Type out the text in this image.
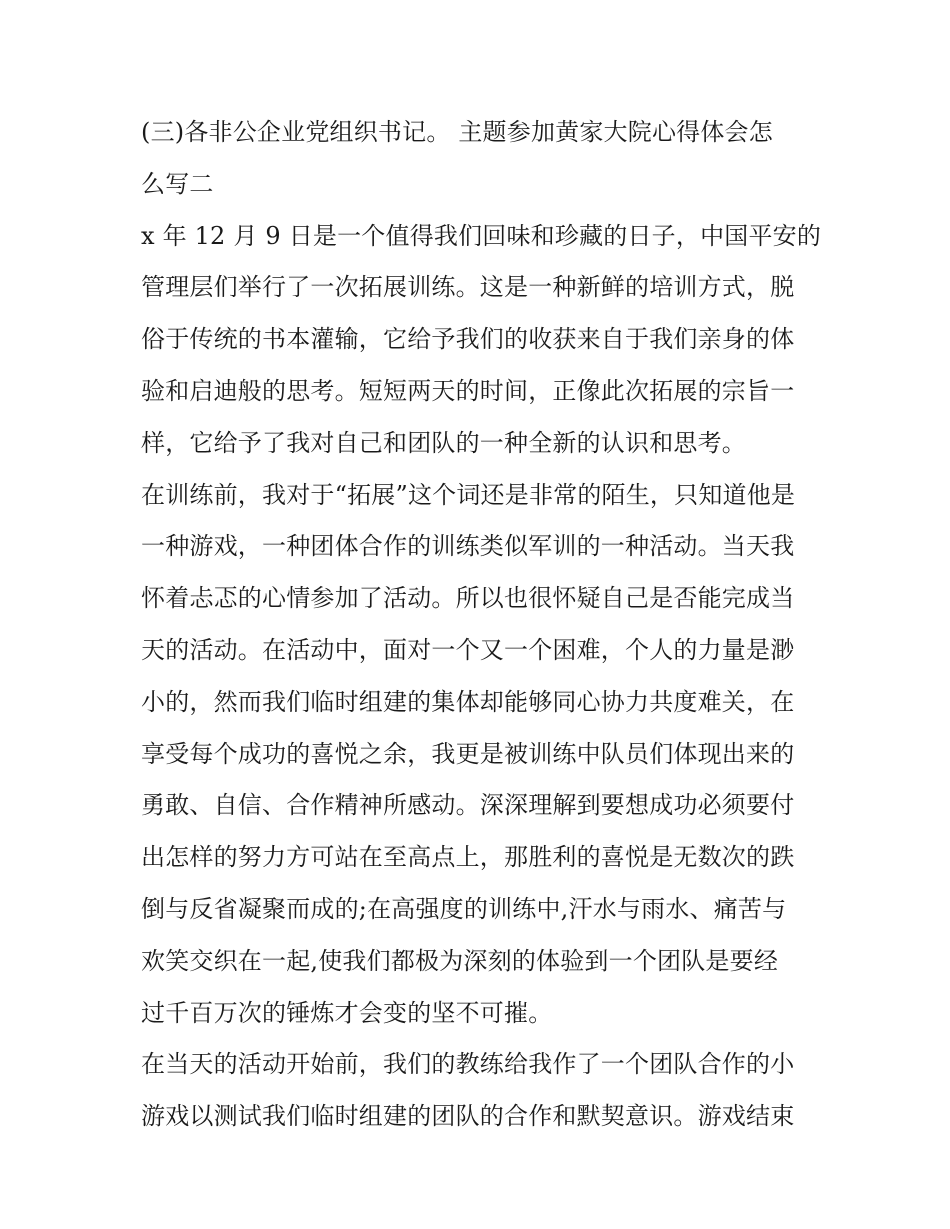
(三)各非公企业党组织书记。 主题参加黄家大院心得体会怎
么写二
x 年 12 月 9 日是一个值得我们回味和珍藏的日子，中国平安的
管理层们举行了一次拓展训练。这是一种新鲜的培训方式，脱
俗于传统的书本灌输，它给予我们的收获来自于我们亲身的体
验和启迪般的思考。短短两天的时间，正像此次拓展的宗旨一
样，它给予了我对自己和团队的一种全新的认识和思考。
在训练前，我对于“拓展”这个词还是非常的陌生，只知道他是
一种游戏，一种团体合作的训练类似军训的一种活动。当天我
怀着忐忑的心情参加了活动。所以也很怀疑自己是否能完成当
天的活动。在活动中，面对一个又一个困难，个人的力量是渺
小的，然而我们临时组建的集体却能够同心协力共度难关，在
享受每个成功的喜悦之余，我更是被训练中队员们体现出来的
勇敢、自信、合作精神所感动。深深理解到要想成功必须要付
出怎样的努力方可站在至高点上，那胜利的喜悦是无数次的跌
倒与反省凝聚而成的;在高强度的训练中,汗水与雨水、痛苦与
欢笑交织在一起,使我们都极为深刻的体验到一个团队是要经
过千百万次的锤炼才会变的坚不可摧。
在当天的活动开始前，我们的教练给我作了一个团队合作的小
游戏以测试我们临时组建的团队的合作和默契意识。游戏结束
